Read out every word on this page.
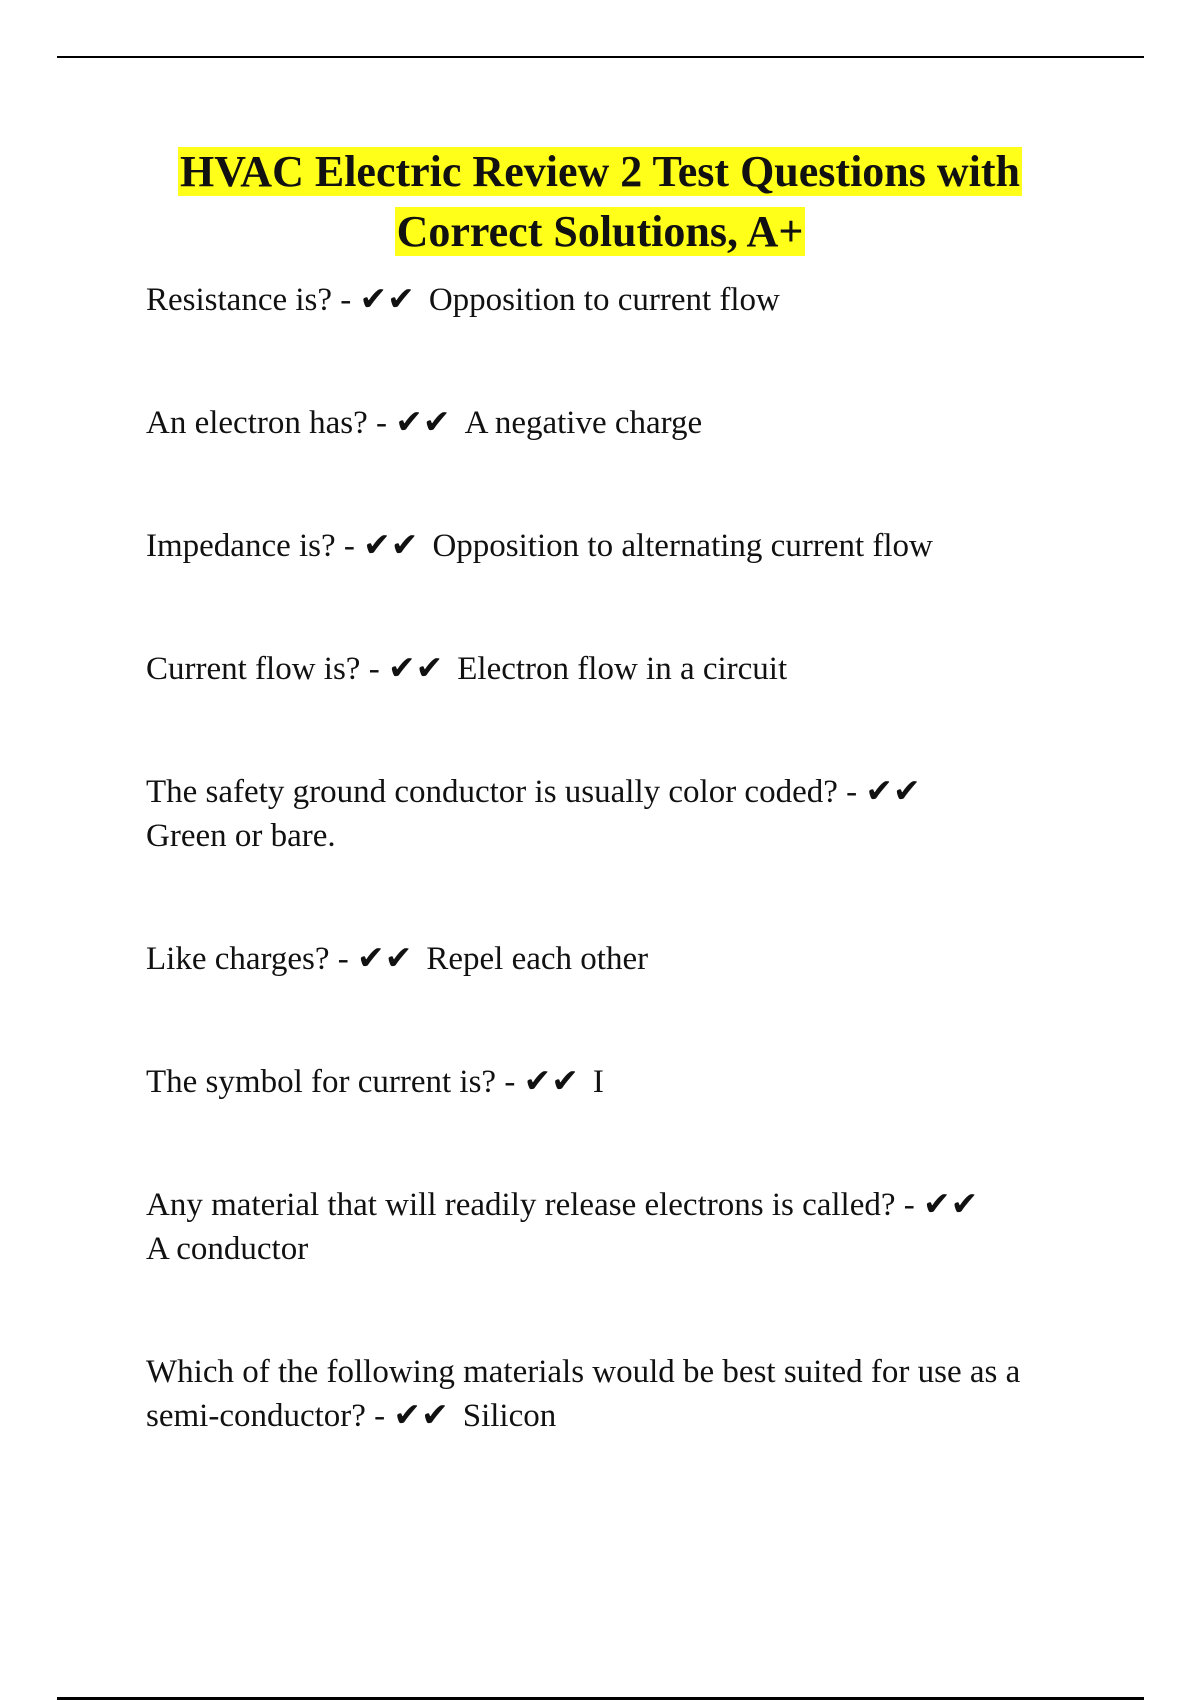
HVAC Electric Review 2 Test Questions with
Correct Solutions, A+
Resistance is? - ✔✔ Opposition to current flow
An electron has? - ✔✔ A negative charge
Impedance is? - ✔✔ Opposition to alternating current flow
Current flow is? - ✔✔ Electron flow in a circuit
The safety ground conductor is usually color coded? - ✔✔
Green or bare.
Like charges? - ✔✔ Repel each other
The symbol for current is? - ✔✔ I
Any material that will readily release electrons is called? - ✔✔
A conductor
Which of the following materials would be best suited for use as a semi-conductor? - ✔✔ Silicon
